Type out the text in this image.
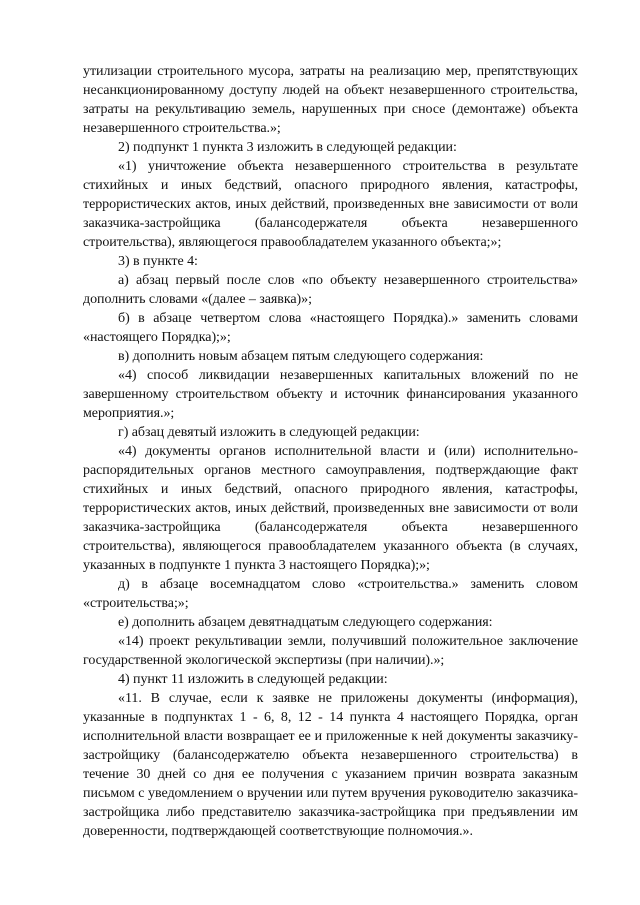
утилизации строительного мусора, затраты на реализацию мер, препятствующих несанкционированному доступу людей на объект незавершенного строительства, затраты на рекультивацию земель, нарушенных при сносе (демонтаже) объекта незавершенного строительства.»;

2) подпункт 1 пункта 3 изложить в следующей редакции:

«1) уничтожение объекта незавершенного строительства в результате стихийных и иных бедствий, опасного природного явления, катастрофы, террористических актов, иных действий, произведенных вне зависимости от воли заказчика-застройщика (балансодержателя объекта незавершенного строительства), являющегося правообладателем указанного объекта;»;

3) в пункте 4:

а) абзац первый после слов «по объекту незавершенного строительства» дополнить словами «(далее – заявка)»;

б) в абзаце четвертом слова «настоящего Порядка).» заменить словами «настоящего Порядка);»;

в) дополнить новым абзацем пятым следующего содержания:

«4) способ ликвидации незавершенных капитальных вложений по не завершенному строительством объекту и источник финансирования указанного мероприятия.»;

г) абзац девятый изложить в следующей редакции:

«4) документы органов исполнительной власти и (или) исполнительно-распорядительных органов местного самоуправления, подтверждающие факт стихийных и иных бедствий, опасного природного явления, катастрофы, террористических актов, иных действий, произведенных вне зависимости от воли заказчика-застройщика (балансодержателя объекта незавершенного строительства), являющегося правообладателем указанного объекта (в случаях, указанных в подпункте 1 пункта 3 настоящего Порядка);»;

д) в абзаце восемнадцатом слово «строительства.» заменить словом «строительства;»;

е) дополнить абзацем девятнадцатым следующего содержания:

«14) проект рекультивации земли, получивший положительное заключение государственной экологической экспертизы (при наличии).»;

4) пункт 11 изложить в следующей редакции:

«11. В случае, если к заявке не приложены документы (информация), указанные в подпунктах 1 - 6, 8, 12 - 14 пункта 4 настоящего Порядка, орган исполнительной власти возвращает ее и приложенные к ней документы заказчику-застройщику (балансодержателю объекта незавершенного строительства) в течение 30 дней со дня ее получения с указанием причин возврата заказным письмом с уведомлением о вручении или путем вручения руководителю заказчика-застройщика либо представителю заказчика-застройщика при предъявлении им доверенности, подтверждающей соответствующие полномочия.».
